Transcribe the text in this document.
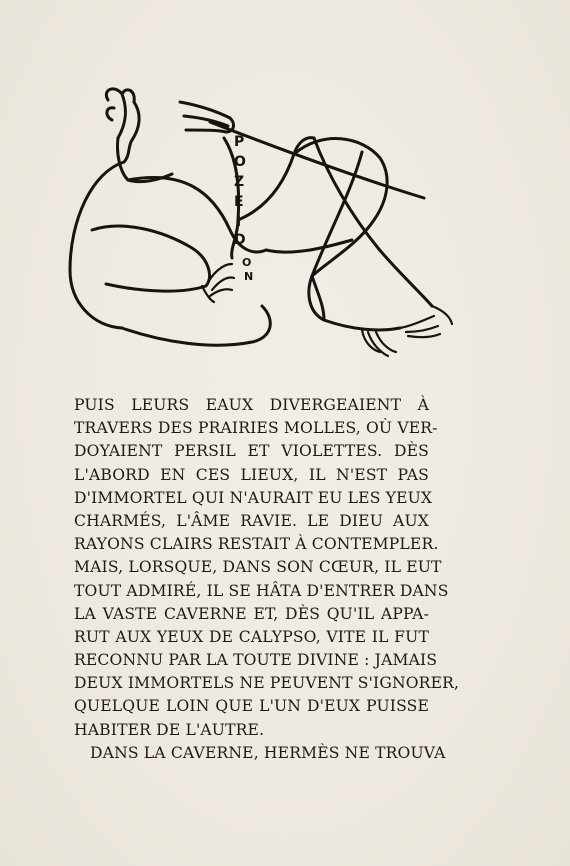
P
O
Z
E
I
D
O
N
PUIS LEURS EAUX DIVERGEAIENT À
TRAVERS DES PRAIRIES MOLLES, OÙ VER-
DOYAIENT PERSIL ET VIOLETTES. DÈS
L'ABORD EN CES LIEUX, IL N'EST PAS
D'IMMORTEL QUI N'AURAIT EU LES YEUX
CHARMÉS, L'ÂME RAVIE. LE DIEU AUX
RAYONS CLAIRS RESTAIT À CONTEMPLER.
MAIS, LORSQUE, DANS SON CŒUR, IL EUT
TOUT ADMIRÉ, IL SE HÂTA D'ENTRER DANS
LA VASTE CAVERNE ET, DÈS QU'IL APPA-
RUT AUX YEUX DE CALYPSO, VITE IL FUT
RECONNU PAR LA TOUTE DIVINE : JAMAIS
DEUX IMMORTELS NE PEUVENT S'IGNORER,
QUELQUE LOIN QUE L'UN D'EUX PUISSE
HABITER DE L'AUTRE.
DANS LA CAVERNE, HERMÈS NE TROUVA
